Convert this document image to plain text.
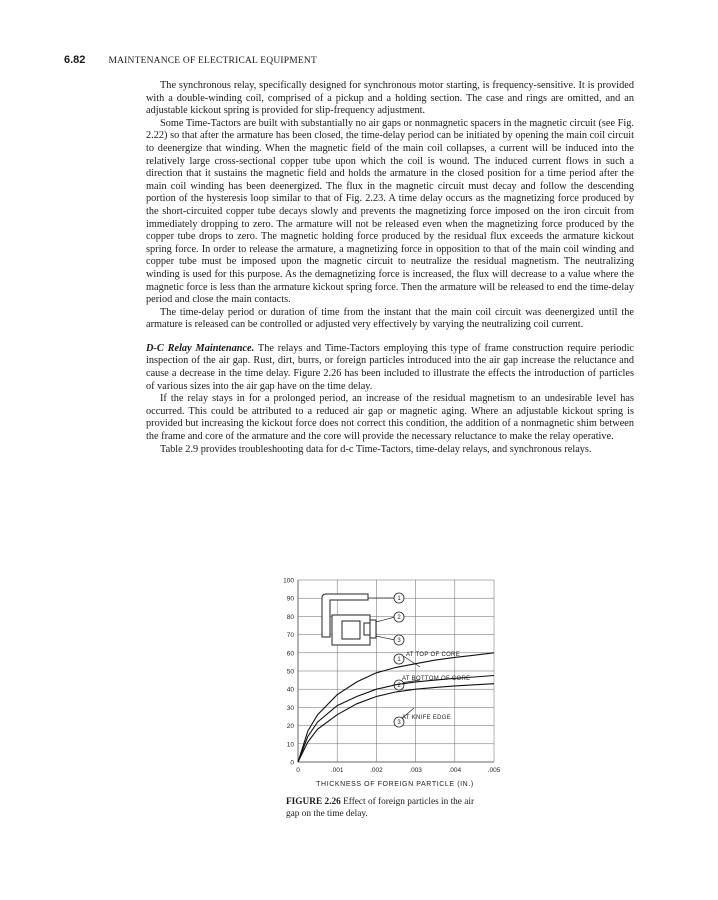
6.82 MAINTENANCE OF ELECTRICAL EQUIPMENT

The synchronous relay, specifically designed for synchronous motor starting, is frequency-sensitive. It is provided with a double-winding coil, comprised of a pickup and a holding section. The case and rings are omitted, and an adjustable kickout spring is provided for slip-frequency adjustment.

Some Time-Tactors are built with substantially no air gaps or nonmagnetic spacers in the magnetic circuit (see Fig. 2.22) so that after the armature has been closed, the time-delay period can be initiated by opening the main coil circuit to deenergize that winding. When the magnetic field of the main coil collapses, a current will be induced into the relatively large cross-sectional copper tube upon which the coil is wound. The induced current flows in such a direction that it sustains the magnetic field and holds the armature in the closed position for a time period after the main coil winding has been deenergized. The flux in the magnetic circuit must decay and follow the descending portion of the hysteresis loop similar to that of Fig. 2.23. A time delay occurs as the magnetizing force produced by the short-circuited copper tube decays slowly and prevents the magnetizing force imposed on the iron circuit from immediately dropping to zero. The armature will not be released even when the magnetizing force produced by the copper tube drops to zero. The magnetic holding force produced by the residual flux exceeds the armature kickout spring force. In order to release the armature, a magnetizing force in opposition to that of the main coil winding and copper tube must be imposed upon the magnetic circuit to neutralize the residual magnetism. The neutralizing winding is used for this purpose. As the demagnetizing force is increased, the flux will decrease to a value where the magnetic force is less than the armature kickout spring force. Then the armature will be released to end the time-delay period and close the main contacts.

The time-delay period or duration of time from the instant that the main coil circuit was deenergized until the armature is released can be controlled or adjusted very effectively by varying the neutralizing coil current.

D-C Relay Maintenance. The relays and Time-Tactors employing this type of frame construction require periodic inspection of the air gap. Rust, dirt, burrs, or foreign particles introduced into the air gap increase the reluctance and cause a decrease in the time delay. Figure 2.26 has been included to illustrate the effects the introduction of particles of various sizes into the air gap have on the time delay.

If the relay stays in for a prolonged period, an increase of the residual magnetism to an undesirable level has occurred. This could be attributed to a reduced air gap or magnetic aging. Where an adjustable kickout spring is provided but increasing the kickout force does not correct this condition, the addition of a nonmagnetic shim between the frame and core of the armature and the core will provide the necessary reluctance to make the relay operative.

Table 2.9 provides troubleshooting data for d-c Time-Tactors, time-delay relays, and synchronous relays.

0
10
20
30
40
50
60
70
80
90
100
0	.001	.002	.003	.004	.005
THICKNESS OF FOREIGN PARTICLE (IN.)
1
2
3
1
2
3
AT TOP OF CORE
AT BOTTOM OF CORE
AT KNIFE EDGE
FIGURE 2.26 Effect of foreign particles in the air gap on the time delay.
